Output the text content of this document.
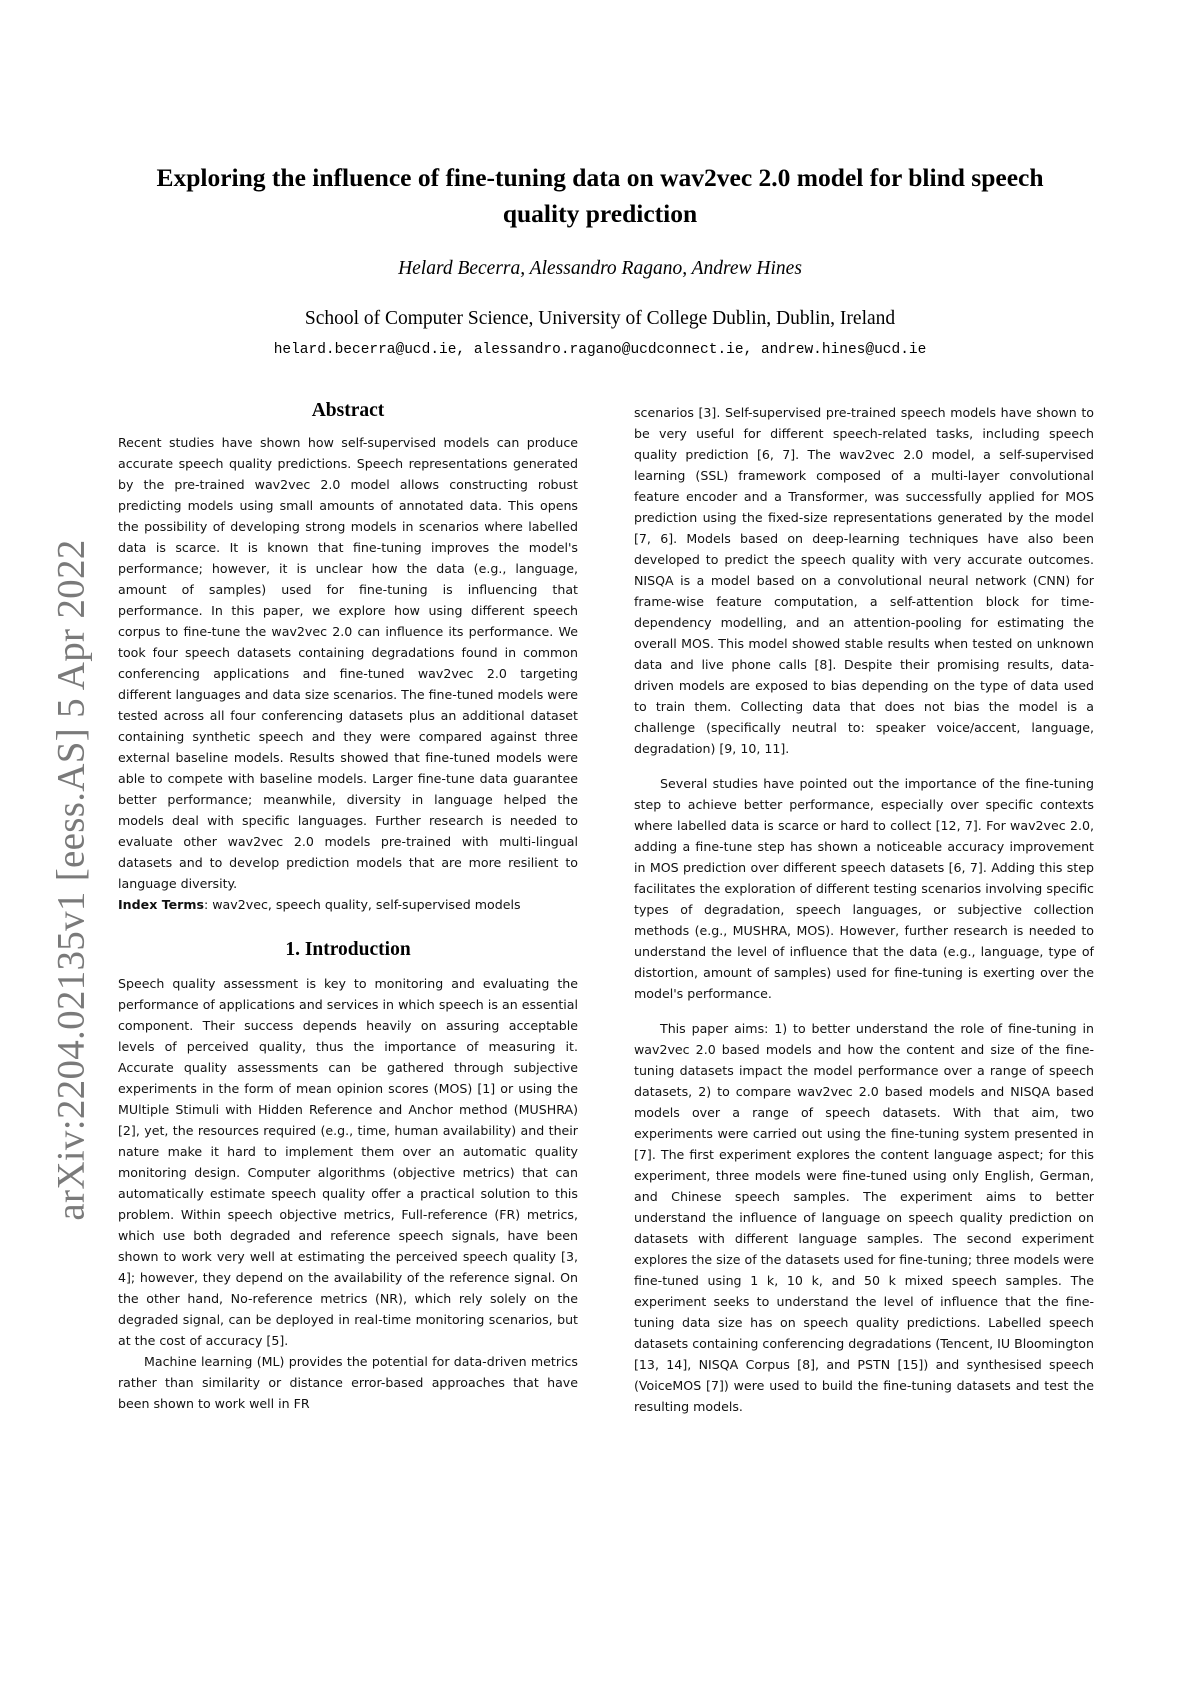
arXiv:2204.02135v1 [eess.AS] 5 Apr 2022
Exploring the influence of fine-tuning data on wav2vec 2.0 model for blind speech quality prediction
Helard Becerra, Alessandro Ragano, Andrew Hines
School of Computer Science, University of College Dublin, Dublin, Ireland
helard.becerra@ucd.ie, alessandro.ragano@ucdconnect.ie, andrew.hines@ucd.ie
Abstract

Recent studies have shown how self-supervised models can produce accurate speech quality predictions. Speech representations generated by the pre-trained wav2vec 2.0 model allows constructing robust predicting models using small amounts of annotated data. This opens the possibility of developing strong models in scenarios where labelled data is scarce. It is known that fine-tuning improves the model's performance; however, it is unclear how the data (e.g., language, amount of samples) used for fine-tuning is influencing that performance. In this paper, we explore how using different speech corpus to fine-tune the wav2vec 2.0 can influence its performance. We took four speech datasets containing degradations found in common conferencing applications and fine-tuned wav2vec 2.0 targeting different languages and data size scenarios. The fine-tuned models were tested across all four conferencing datasets plus an additional dataset containing synthetic speech and they were compared against three external baseline models. Results showed that fine-tuned models were able to compete with baseline models. Larger fine-tune data guarantee better performance; meanwhile, diversity in language helped the models deal with specific languages. Further research is needed to evaluate other wav2vec 2.0 models pre-trained with multi-lingual datasets and to develop prediction models that are more resilient to language diversity.

Index Terms: wav2vec, speech quality, self-supervised models

1. Introduction

Speech quality assessment is key to monitoring and evaluating the performance of applications and services in which speech is an essential component. Their success depends heavily on assuring acceptable levels of perceived quality, thus the importance of measuring it. Accurate quality assessments can be gathered through subjective experiments in the form of mean opinion scores (MOS) [1] or using the MUltiple Stimuli with Hidden Reference and Anchor method (MUSHRA) [2], yet, the resources required (e.g., time, human availability) and their nature make it hard to implement them over an automatic quality monitoring design. Computer algorithms (objective metrics) that can automatically estimate speech quality offer a practical solution to this problem. Within speech objective metrics, Full-reference (FR) metrics, which use both degraded and reference speech signals, have been shown to work very well at estimating the perceived speech quality [3, 4]; however, they depend on the availability of the reference signal. On the other hand, No-reference metrics (NR), which rely solely on the degraded signal, can be deployed in real-time monitoring scenarios, but at the cost of accuracy [5].

Machine learning (ML) provides the potential for data-driven metrics rather than similarity or distance error-based approaches that have been shown to work well in FR

scenarios [3]. Self-supervised pre-trained speech models have shown to be very useful for different speech-related tasks, including speech quality prediction [6, 7]. The wav2vec 2.0 model, a self-supervised learning (SSL) framework composed of a multi-layer convolutional feature encoder and a Transformer, was successfully applied for MOS prediction using the fixed-size representations generated by the model [7, 6]. Models based on deep-learning techniques have also been developed to predict the speech quality with very accurate outcomes. NISQA is a model based on a convolutional neural network (CNN) for frame-wise feature computation, a self-attention block for time-dependency modelling, and an attention-pooling for estimating the overall MOS. This model showed stable results when tested on unknown data and live phone calls [8]. Despite their promising results, data-driven models are exposed to bias depending on the type of data used to train them. Collecting data that does not bias the model is a challenge (specifically neutral to: speaker voice/accent, language, degradation) [9, 10, 11].

Several studies have pointed out the importance of the fine-tuning step to achieve better performance, especially over specific contexts where labelled data is scarce or hard to collect [12, 7]. For wav2vec 2.0, adding a fine-tune step has shown a noticeable accuracy improvement in MOS prediction over different speech datasets [6, 7]. Adding this step facilitates the exploration of different testing scenarios involving specific types of degradation, speech languages, or subjective collection methods (e.g., MUSHRA, MOS). However, further research is needed to understand the level of influence that the data (e.g., language, type of distortion, amount of samples) used for fine-tuning is exerting over the model's performance.

This paper aims: 1) to better understand the role of fine-tuning in wav2vec 2.0 based models and how the content and size of the fine-tuning datasets impact the model performance over a range of speech datasets, 2) to compare wav2vec 2.0 based models and NISQA based models over a range of speech datasets. With that aim, two experiments were carried out using the fine-tuning system presented in [7]. The first experiment explores the content language aspect; for this experiment, three models were fine-tuned using only English, German, and Chinese speech samples. The experiment aims to better understand the influence of language on speech quality prediction on datasets with different language samples. The second experiment explores the size of the datasets used for fine-tuning; three models were fine-tuned using 1 k, 10 k, and 50 k mixed speech samples. The experiment seeks to understand the level of influence that the fine-tuning data size has on speech quality predictions. Labelled speech datasets containing conferencing degradations (Tencent, IU Bloomington [13, 14], NISQA Corpus [8], and PSTN [15]) and synthesised speech (VoiceMOS [7]) were used to build the fine-tuning datasets and test the resulting models.
